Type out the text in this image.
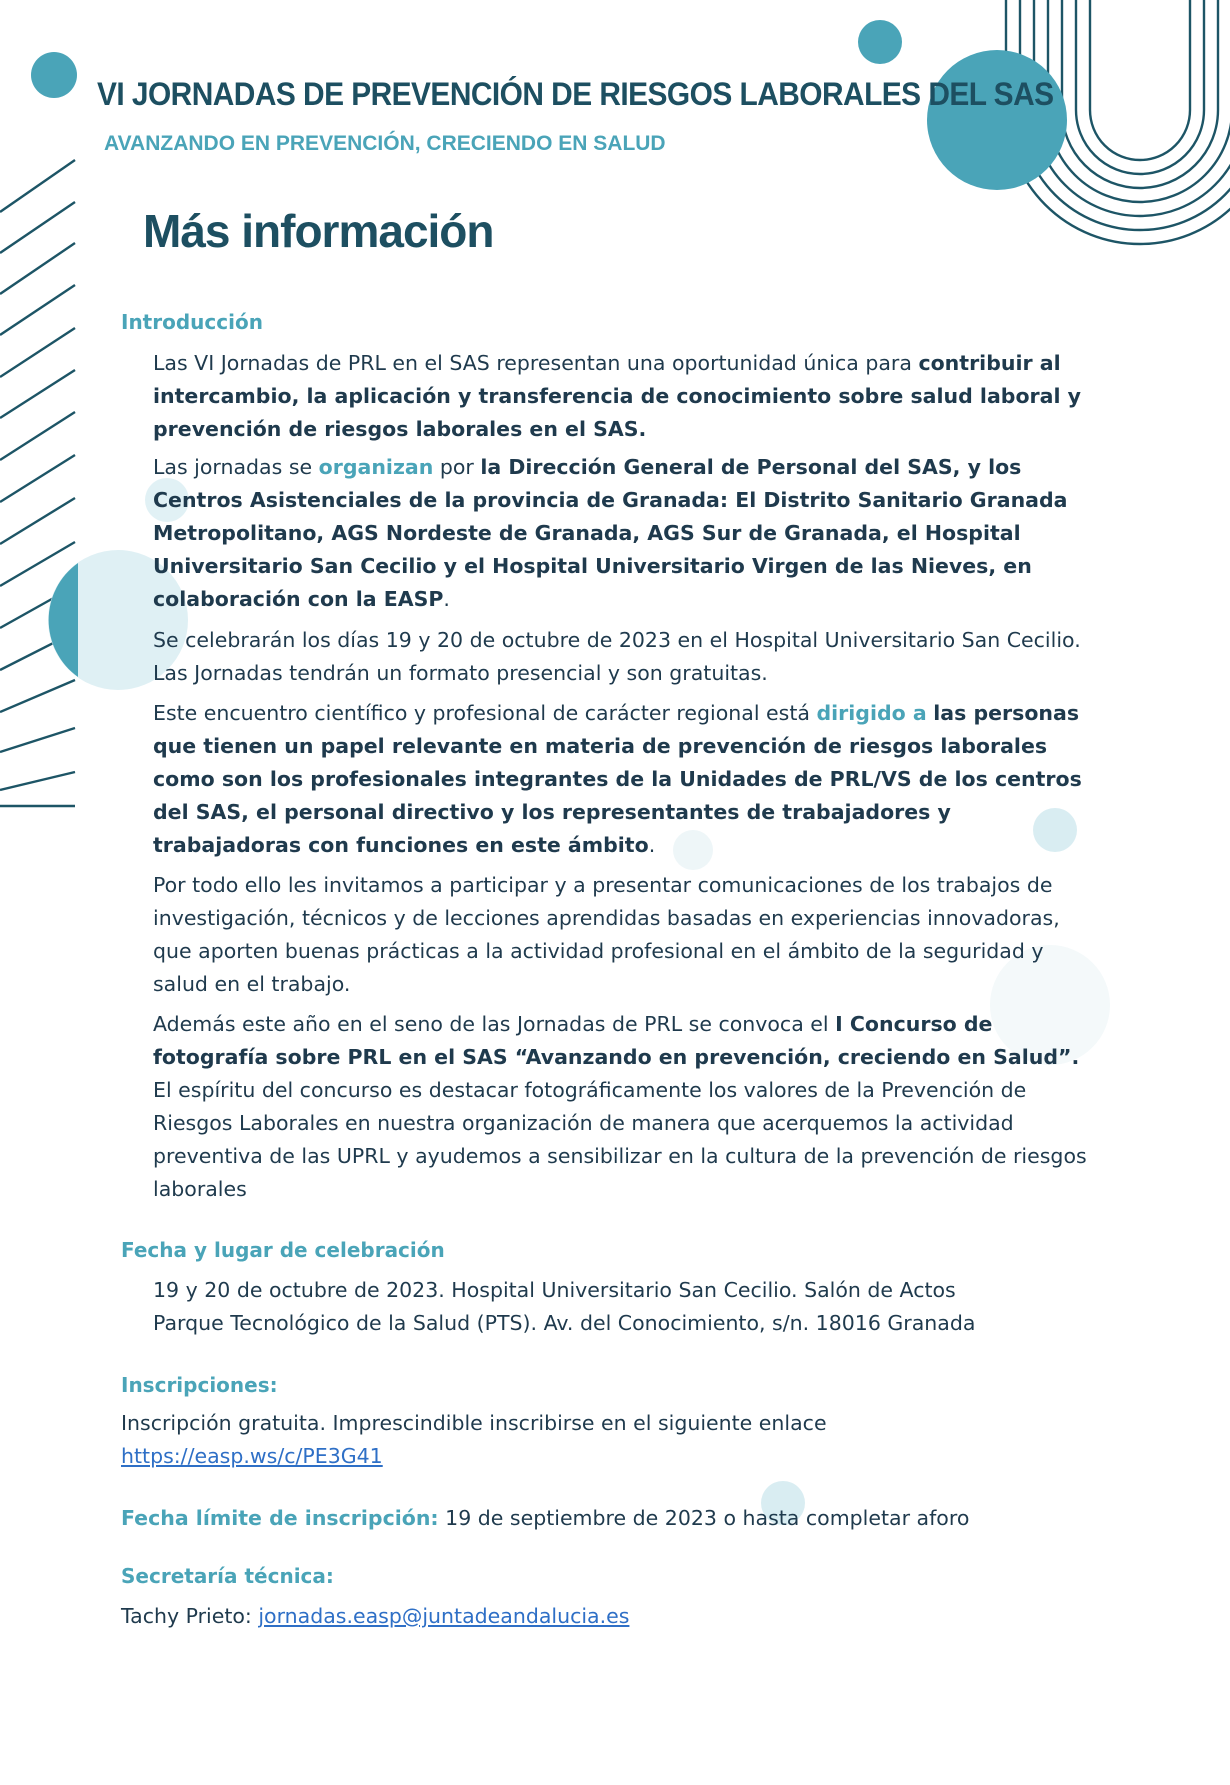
VI JORNADAS DE PREVENCIÓN DE RIESGOS LABORALES DEL SAS
AVANZANDO EN PREVENCIÓN, CRECIENDO EN SALUD
Más información
Introducción
Las VI Jornadas de PRL en el SAS representan una oportunidad única para contribuir al intercambio, la aplicación y transferencia de conocimiento sobre salud laboral y prevención de riesgos laborales en el SAS.
Las jornadas se organizan por la Dirección General de Personal del SAS, y los Centros Asistenciales de la provincia de Granada: El Distrito Sanitario Granada Metropolitano, AGS Nordeste de Granada, AGS Sur de Granada, el Hospital Universitario San Cecilio y el Hospital Universitario Virgen de las Nieves, en colaboración con la EASP.
Se celebrarán los días 19 y 20 de octubre de 2023 en el Hospital Universitario San Cecilio. Las Jornadas tendrán un formato presencial y son gratuitas.
Este encuentro científico y profesional de carácter regional está dirigido a las personas que tienen un papel relevante en materia de prevención de riesgos laborales como son los profesionales integrantes de la Unidades de PRL/VS de los centros del SAS, el personal directivo y los representantes de trabajadores y trabajadoras con funciones en este ámbito.
Por todo ello les invitamos a participar y a presentar comunicaciones de los trabajos de investigación, técnicos y de lecciones aprendidas basadas en experiencias innovadoras, que aporten buenas prácticas a la actividad profesional en el ámbito de la seguridad y salud en el trabajo.
Además este año en el seno de las Jornadas de PRL se convoca el I Concurso de fotografía sobre PRL en el SAS “Avanzando en prevención, creciendo en Salud”. El espíritu del concurso es destacar fotográficamente los valores de la Prevención de Riesgos Laborales en nuestra organización de manera que acerquemos la actividad preventiva de las UPRL y ayudemos a sensibilizar en la cultura de la prevención de riesgos laborales
Fecha y lugar de celebración
19 y 20 de octubre de 2023. Hospital Universitario San Cecilio. Salón de Actos
Parque Tecnológico de la Salud (PTS). Av. del Conocimiento, s/n. 18016 Granada
Inscripciones:
Inscripción gratuita. Imprescindible inscribirse en el siguiente enlace
https://easp.ws/c/PE3G41
Fecha límite de inscripción: 19 de septiembre de 2023 o hasta completar aforo
Secretaría técnica:
Tachy Prieto: jornadas.easp@juntadeandalucia.es
